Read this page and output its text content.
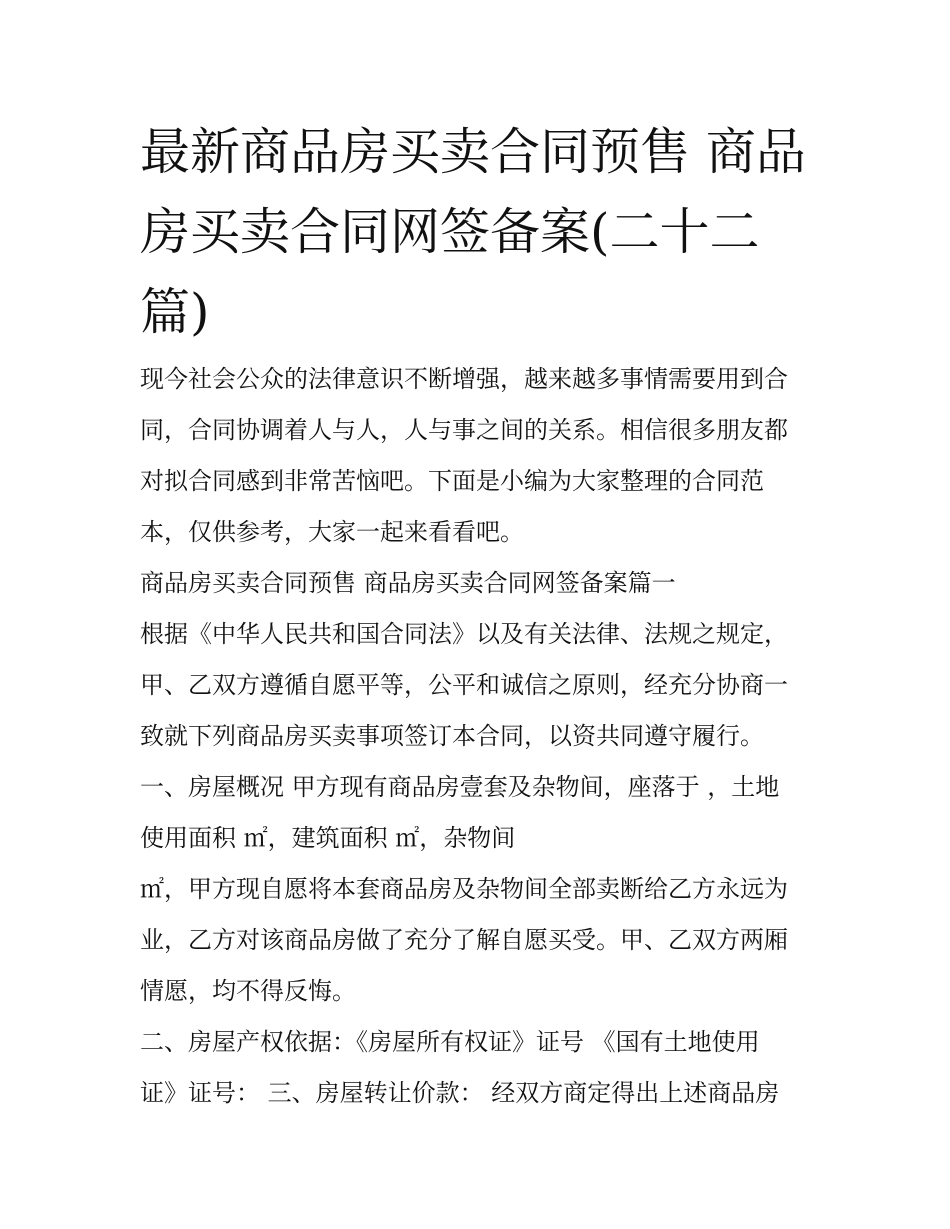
最新商品房买卖合同预售 商品
房买卖合同网签备案(二十二
篇)
现今社会公众的法律意识不断增强，越来越多事情需要用到合
同，合同协调着人与人，人与事之间的关系。相信很多朋友都
对拟合同感到非常苦恼吧。下面是小编为大家整理的合同范
本，仅供参考，大家一起来看看吧。
商品房买卖合同预售 商品房买卖合同网签备案篇一
根据《中华人民共和国合同法》以及有关法律、法规之规定，
甲、乙双方遵循自愿平等，公平和诚信之原则，经充分协商一
致就下列商品房买卖事项签订本合同，以资共同遵守履行。
一、房屋概况 甲方现有商品房壹套及杂物间，座落于 ，土地
使用面积 ㎡，建筑面积 ㎡，杂物间
㎡，甲方现自愿将本套商品房及杂物间全部卖断给乙方永远为
业，乙方对该商品房做了充分了解自愿买受。甲、乙双方两厢
情愿，均不得反悔。
二、房屋产权依据：《房屋所有权证》证号 《国有土地使用
证》证号： 三、房屋转让价款： 经双方商定得出上述商品房
